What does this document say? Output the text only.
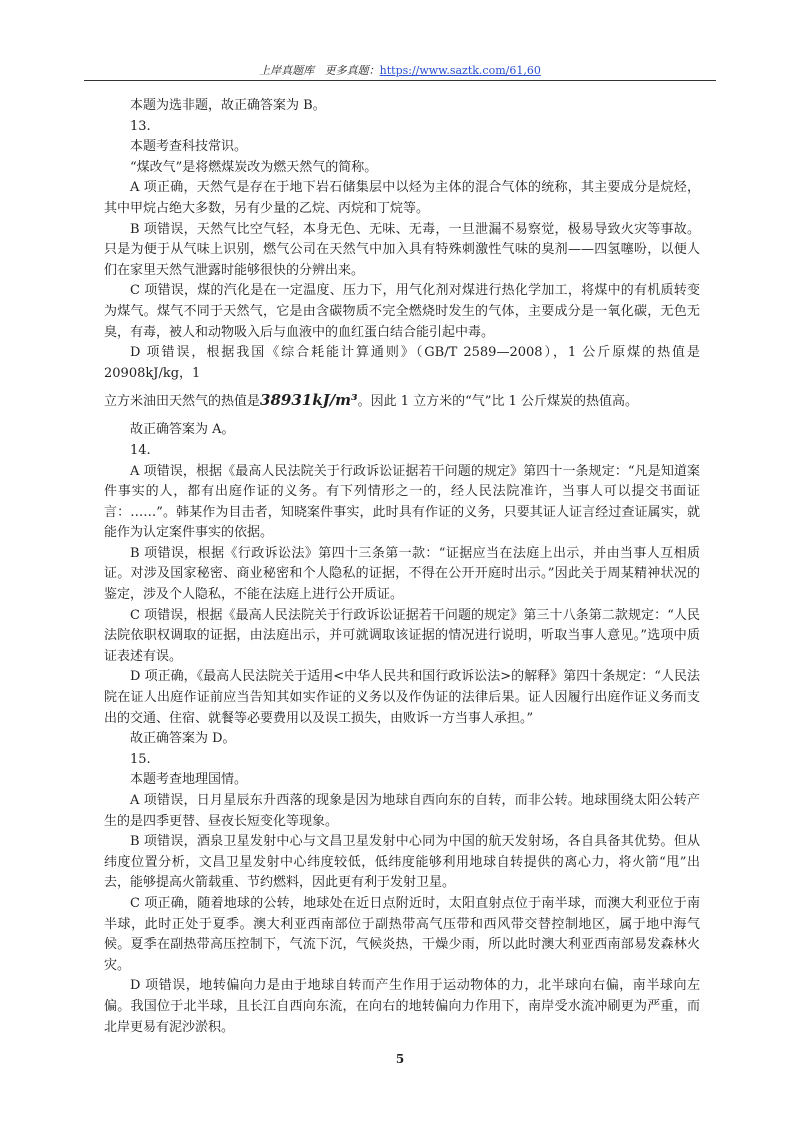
上岸真题库 更多真题：https://www.saztk.com/61,60

本题为选非题，故正确答案为 B。

13.

本题考查科技常识。

“煤改气”是将燃煤炭改为燃天然气的简称。

A 项正确，天然气是存在于地下岩石储集层中以烃为主体的混合气体的统称，其主要成分是烷烃，其中甲烷占绝大多数，另有少量的乙烷、丙烷和丁烷等。

B 项错误，天然气比空气轻，本身无色、无味、无毒，一旦泄漏不易察觉，极易导致火灾等事故。只是为便于从气味上识别，燃气公司在天然气中加入具有特殊刺激性气味的臭剂——四氢噻吩，以便人们在家里天然气泄露时能够很快的分辨出来。

C 项错误，煤的汽化是在一定温度、压力下，用气化剂对煤进行热化学加工，将煤中的有机质转变为煤气。煤气不同于天然气，它是由含碳物质不完全燃烧时发生的气体，主要成分是一氧化碳，无色无臭，有毒，被人和动物吸入后与血液中的血红蛋白结合能引起中毒。

D 项错误，根据我国《综合耗能计算通则》（GB/T 2589—2008），1 公斤原煤的热值是 20908kJ/kg，1

立方米油田天然气的热值是38931kJ/m³。因此 1 立方米的“气”比 1 公斤煤炭的热值高。

故正确答案为 A。

14.

A 项错误，根据《最高人民法院关于行政诉讼证据若干问题的规定》第四十一条规定：“凡是知道案件事实的人，都有出庭作证的义务。有下列情形之一的，经人民法院准许，当事人可以提交书面证言：……”。韩某作为目击者，知晓案件事实，此时具有作证的义务，只要其证人证言经过查证属实，就能作为认定案件事实的依据。

B 项错误，根据《行政诉讼法》第四十三条第一款：“证据应当在法庭上出示，并由当事人互相质证。对涉及国家秘密、商业秘密和个人隐私的证据，不得在公开开庭时出示。”因此关于周某精神状况的鉴定，涉及个人隐私，不能在法庭上进行公开质证。

C 项错误，根据《最高人民法院关于行政诉讼证据若干问题的规定》第三十八条第二款规定：“人民法院依职权调取的证据，由法庭出示，并可就调取该证据的情况进行说明，听取当事人意见。”选项中质证表述有误。

D 项正确，《最高人民法院关于适用<中华人民共和国行政诉讼法>的解释》第四十条规定：“人民法院在证人出庭作证前应当告知其如实作证的义务以及作伪证的法律后果。证人因履行出庭作证义务而支出的交通、住宿、就餐等必要费用以及误工损失，由败诉一方当事人承担。”

故正确答案为 D。

15.

本题考查地理国情。

A 项错误，日月星辰东升西落的现象是因为地球自西向东的自转，而非公转。地球围绕太阳公转产生的是四季更替、昼夜长短变化等现象。

B 项错误，酒泉卫星发射中心与文昌卫星发射中心同为中国的航天发射场，各自具备其优势。但从纬度位置分析，文昌卫星发射中心纬度较低，低纬度能够利用地球自转提供的离心力，将火箭“甩”出去，能够提高火箭载重、节约燃料，因此更有利于发射卫星。

C 项正确，随着地球的公转，地球处在近日点附近时，太阳直射点位于南半球，而澳大利亚位于南半球，此时正处于夏季。澳大利亚西南部位于副热带高气压带和西风带交替控制地区，属于地中海气候。夏季在副热带高压控制下，气流下沉，气候炎热，干燥少雨，所以此时澳大利亚西南部易发森林火灾。

D 项错误，地转偏向力是由于地球自转而产生作用于运动物体的力，北半球向右偏，南半球向左偏。我国位于北半球，且长江自西向东流，在向右的地转偏向力作用下，南岸受水流冲刷更为严重，而北岸更易有泥沙淤积。

5
